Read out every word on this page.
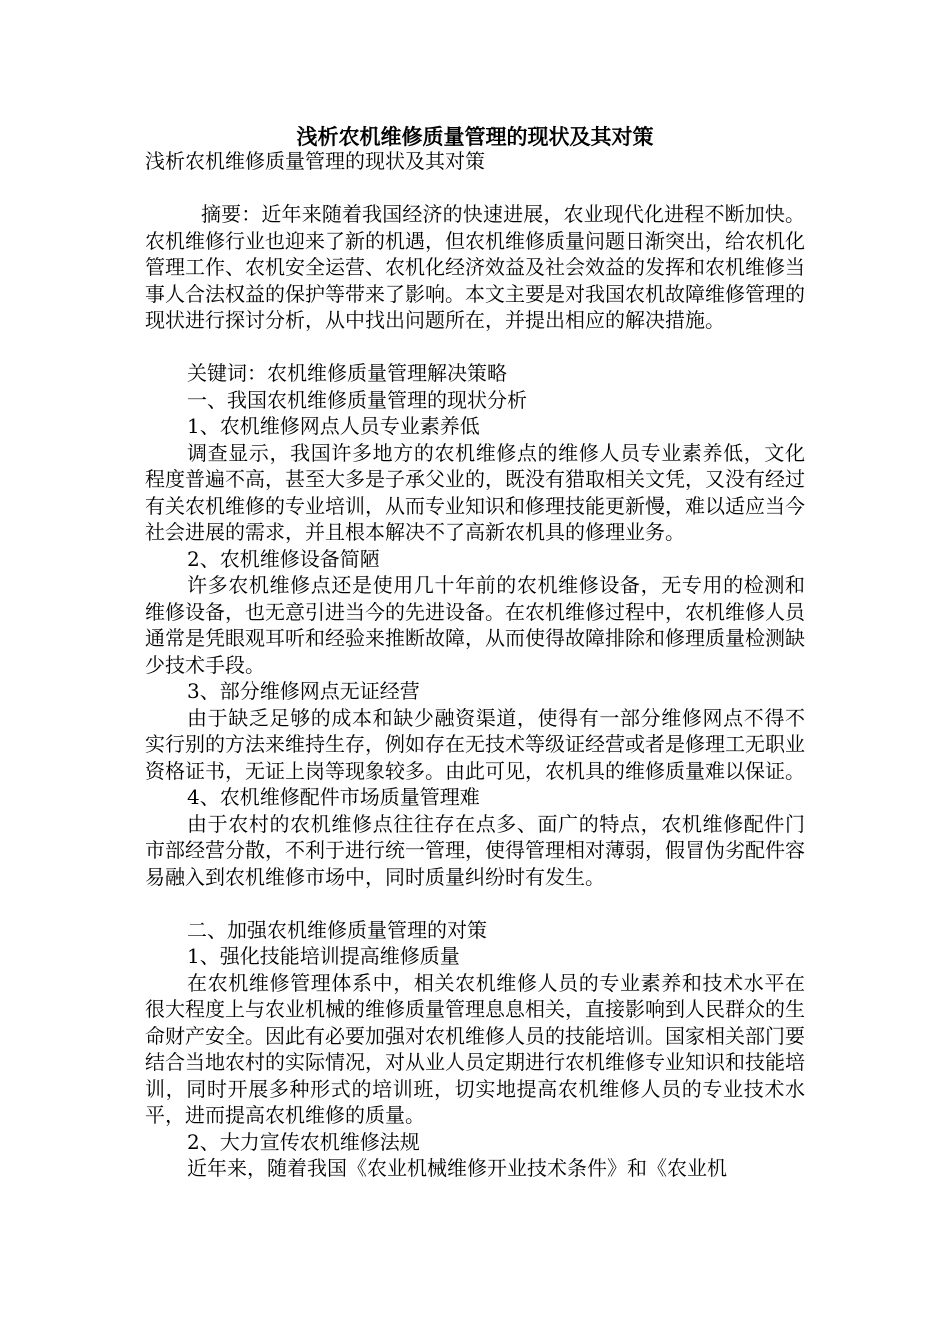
浅析农机维修质量管理的现状及其对策

浅析农机维修质量管理的现状及其对策

摘要：近年来随着我国经济的快速进展，农业现代化进程不断加快。农机维修行业也迎来了新的机遇，但农机维修质量问题日渐突出，给农机化管理工作、农机安全运营、农机化经济效益及社会效益的发挥和农机维修当事人合法权益的保护等带来了影响。本文主要是对我国农机故障维修管理的现状进行探讨分析，从中找出问题所在，并提出相应的解决措施。

关键词：农机维修质量管理解决策略

一、我国农机维修质量管理的现状分析

1、农机维修网点人员专业素养低

调查显示，我国许多地方的农机维修点的维修人员专业素养低，文化程度普遍不高，甚至大多是子承父业的，既没有猎取相关文凭，又没有经过有关农机维修的专业培训，从而专业知识和修理技能更新慢，难以适应当今社会进展的需求，并且根本解决不了高新农机具的修理业务。

2、农机维修设备简陋

许多农机维修点还是使用几十年前的农机维修设备，无专用的检测和维修设备，也无意引进当今的先进设备。在农机维修过程中，农机维修人员通常是凭眼观耳听和经验来推断故障，从而使得故障排除和修理质量检测缺少技术手段。

3、部分维修网点无证经营

由于缺乏足够的成本和缺少融资渠道，使得有一部分维修网点不得不实行别的方法来维持生存，例如存在无技术等级证经营或者是修理工无职业资格证书，无证上岗等现象较多。由此可见，农机具的维修质量难以保证。

4、农机维修配件市场质量管理难

由于农村的农机维修点往往存在点多、面广的特点，农机维修配件门市部经营分散，不利于进行统一管理，使得管理相对薄弱，假冒伪劣配件容易融入到农机维修市场中，同时质量纠纷时有发生。

二、加强农机维修质量管理的对策

1、强化技能培训提高维修质量

在农机维修管理体系中，相关农机维修人员的专业素养和技术水平在很大程度上与农业机械的维修质量管理息息相关，直接影响到人民群众的生命财产安全。因此有必要加强对农机维修人员的技能培训。国家相关部门要结合当地农村的实际情况，对从业人员定期进行农机维修专业知识和技能培训，同时开展多种形式的培训班，切实地提高农机维修人员的专业技术水平，进而提高农机维修的质量。

2、大力宣传农机维修法规

近年来，随着我国《农业机械维修开业技术条件》和《农业机
